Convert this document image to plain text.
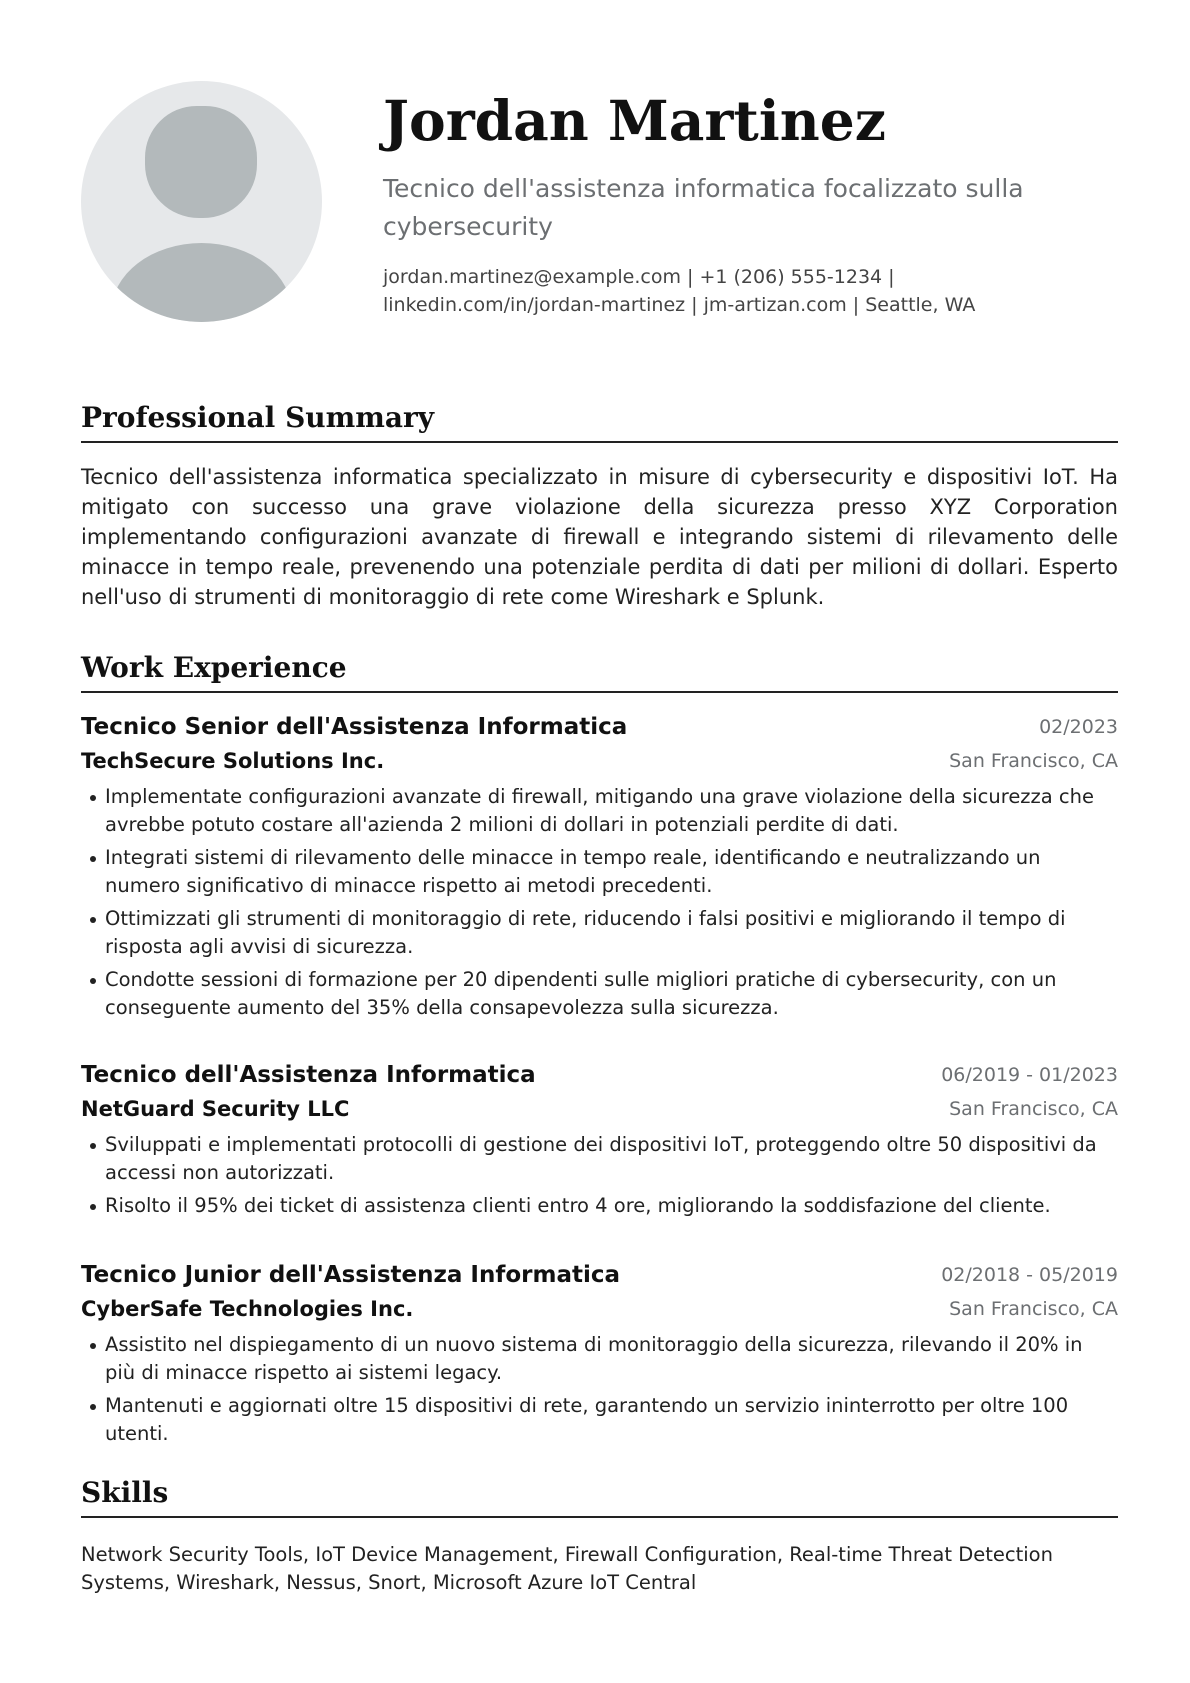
Jordan Martinez

Tecnico dell'assistenza informatica focalizzato sulla cybersecurity

jordan.martinez@example.com | +1 (206) 555-1234 |
linkedin.com/in/jordan-martinez | jm-artizan.com | Seattle, WA

Professional Summary

Tecnico dell'assistenza informatica specializzato in misure di cybersecurity e dispositivi IoT. Ha mitigato con successo una grave violazione della sicurezza presso XYZ Corporation implementando configurazioni avanzate di firewall e integrando sistemi di rilevamento delle minacce in tempo reale, prevenendo una potenziale perdita di dati per milioni di dollari. Esperto nell'uso di strumenti di monitoraggio di rete come Wireshark e Splunk.

Work Experience
Tecnico Senior dell'Assistenza Informatica	02/2023
TechSecure Solutions Inc.	San Francisco, CA
Implementate configurazioni avanzate di firewall, mitigando una grave violazione della sicurezza che avrebbe potuto costare all'azienda 2 milioni di dollari in potenziali perdite di dati.
Integrati sistemi di rilevamento delle minacce in tempo reale, identificando e neutralizzando un numero significativo di minacce rispetto ai metodi precedenti.
Ottimizzati gli strumenti di monitoraggio di rete, riducendo i falsi positivi e migliorando il tempo di risposta agli avvisi di sicurezza.
Condotte sessioni di formazione per 20 dipendenti sulle migliori pratiche di cybersecurity, con un conseguente aumento del 35% della consapevolezza sulla sicurezza.
Tecnico dell'Assistenza Informatica	06/2019 - 01/2023
NetGuard Security LLC	San Francisco, CA
Sviluppati e implementati protocolli di gestione dei dispositivi IoT, proteggendo oltre 50 dispositivi da accessi non autorizzati.
Risolto il 95% dei ticket di assistenza clienti entro 4 ore, migliorando la soddisfazione del cliente.
Tecnico Junior dell'Assistenza Informatica	02/2018 - 05/2019
CyberSafe Technologies Inc.	San Francisco, CA
Assistito nel dispiegamento di un nuovo sistema di monitoraggio della sicurezza, rilevando il 20% in più di minacce rispetto ai sistemi legacy.
Mantenuti e aggiornati oltre 15 dispositivi di rete, garantendo un servizio ininterrotto per oltre 100 utenti.
Skills

Network Security Tools, IoT Device Management, Firewall Configuration, Real-time Threat Detection Systems, Wireshark, Nessus, Snort, Microsoft Azure IoT Central
